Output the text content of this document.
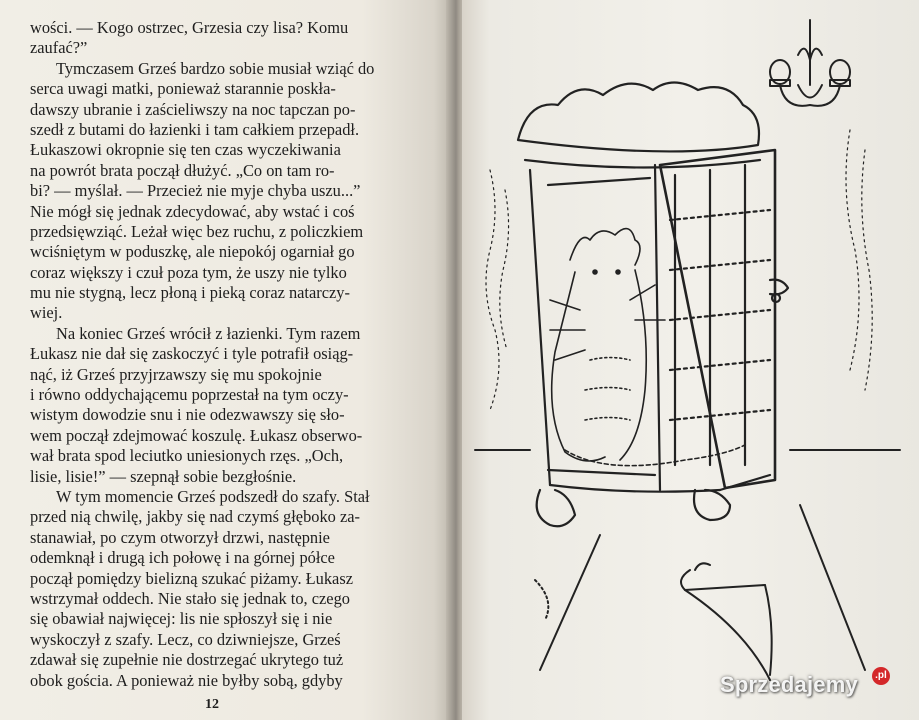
wości. — Kogo ostrzec, Grzesia czy lisa? Komu
zaufać?”
Tymczasem Grześ bardzo sobie musiał wziąć do
serca uwagi matki, ponieważ starannie poskła-
dawszy ubranie i zaścieliwszy na noc tapczan po-
szedł z butami do łazienki i tam całkiem przepadł.
Łukaszowi okropnie się ten czas wyczekiwania
na powrót brata począł dłużyć. „Co on tam ro-
bi? — myślał. — Przecież nie myje chyba uszu...”
Nie mógł się jednak zdecydować, aby wstać i coś
przedsięwziąć. Leżał więc bez ruchu, z policzkiem
wciśniętym w poduszkę, ale niepokój ogarniał go
coraz większy i czuł poza tym, że uszy nie tylko
mu nie stygną, lecz płoną i pieką coraz natarczy-
wiej.
Na koniec Grześ wrócił z łazienki. Tym razem
Łukasz nie dał się zaskoczyć i tyle potrafił osiąg-
nąć, iż Grześ przyjrzawszy się mu spokojnie
i równo oddychającemu poprzestał na tym oczy-
wistym dowodzie snu i nie odezwawszy się sło-
wem począł zdejmować koszulę. Łukasz obserwo-
wał brata spod leciutko uniesionych rzęs. „Och,
lisie, lisie!” — szepnął sobie bezgłośnie.
W tym momencie Grześ podszedł do szafy. Stał
przed nią chwilę, jakby się nad czymś głęboko za-
stanawiał, po czym otworzył drzwi, następnie
odemknął i drugą ich połowę i na górnej półce
począł pomiędzy bielizną szukać piżamy. Łukasz
wstrzymał oddech. Nie stało się jednak to, czego
się obawiał najwięcej: lis nie spłoszył się i nie
wyskoczył z szafy. Lecz, co dziwniejsze, Grześ
zdawał się zupełnie nie dostrzegać ukrytego tuż
obok gościa. A ponieważ nie byłby sobą, gdyby
12
Sprzedajemy	.pl
